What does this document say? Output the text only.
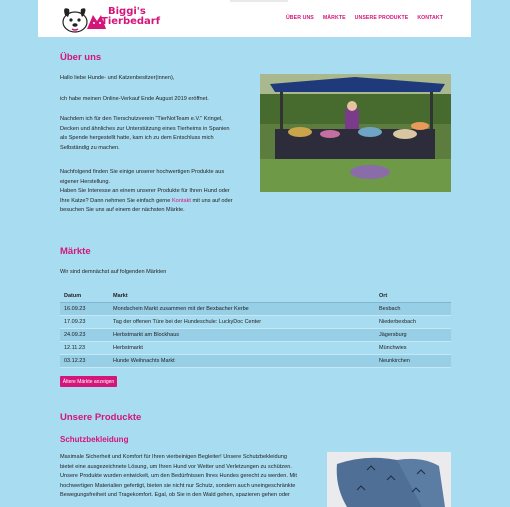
Biggi's
Tierbedarf	ÜBER UNS MÄRKTE UNSERE PRODUKTE KONTAKT
Über uns
Hallo liebe Hunde- und Katzenbesitzer(innen),
ich habe meinen Online-Verkauf Ende August 2019 eröffnet.
Nachdem ich für den Tierschutzverein "TierNotTeam e.V." Kringel,
Decken und ähnliches zur Unterstützung eines Tierheims in Spanien
als Spende hergestellt hatte, kam ich zu dem Entschluss mich
Selbständig zu machen.
Nachfolgend finden Sie einige unserer hochwertigen Produkte aus
eigener Herstellung.
Haben Sie Interesse an einem unserer Produkte für Ihren Hund oder
Ihre Katze? Dann nehmen Sie einfach gerne Kontakt mit uns auf oder
besuchen Sie uns auf einem der nächsten Märkte.
Märkte
Wir sind demnächst auf folgenden Märkten
Datum	Markt	Ort
16.09.23	Mondschein Markt zusammen mit der Bexbacher Kerbe	Bexbach
17.09.23	Tag der offenen Türe bei der Hundeschule: LuckyDoc Center	Niederbexbach
24.09.23	Herbstmarkt am Blockhaus	Jägersburg
12.11.23	Herbstmarkt	Münchwies
03.12.23	Hunde Weihnachts Markt	Neunkirchen
Ältere Märkte anzeigen
Unsere Produckte
Schutzbekleidung
Maximale Sicherheit und Komfort für Ihren vierbeinigen Begleiter! Unsere Schutzbekleidung
bietet eine ausgezeichnete Lösung, um Ihren Hund vor Wetter und Verletzungen zu schützen.
Unsere Produkte wurden entwickelt, um den Bedürfnissen Ihres Hundes gerecht zu werden. Mit
hochwertigen Materialien gefertigt, bieten sie nicht nur Schutz, sondern auch uneingeschränkte
Bewegungsfreiheit und Tragekomfort. Egal, ob Sie in den Wald gehen, spazieren gehen oder
